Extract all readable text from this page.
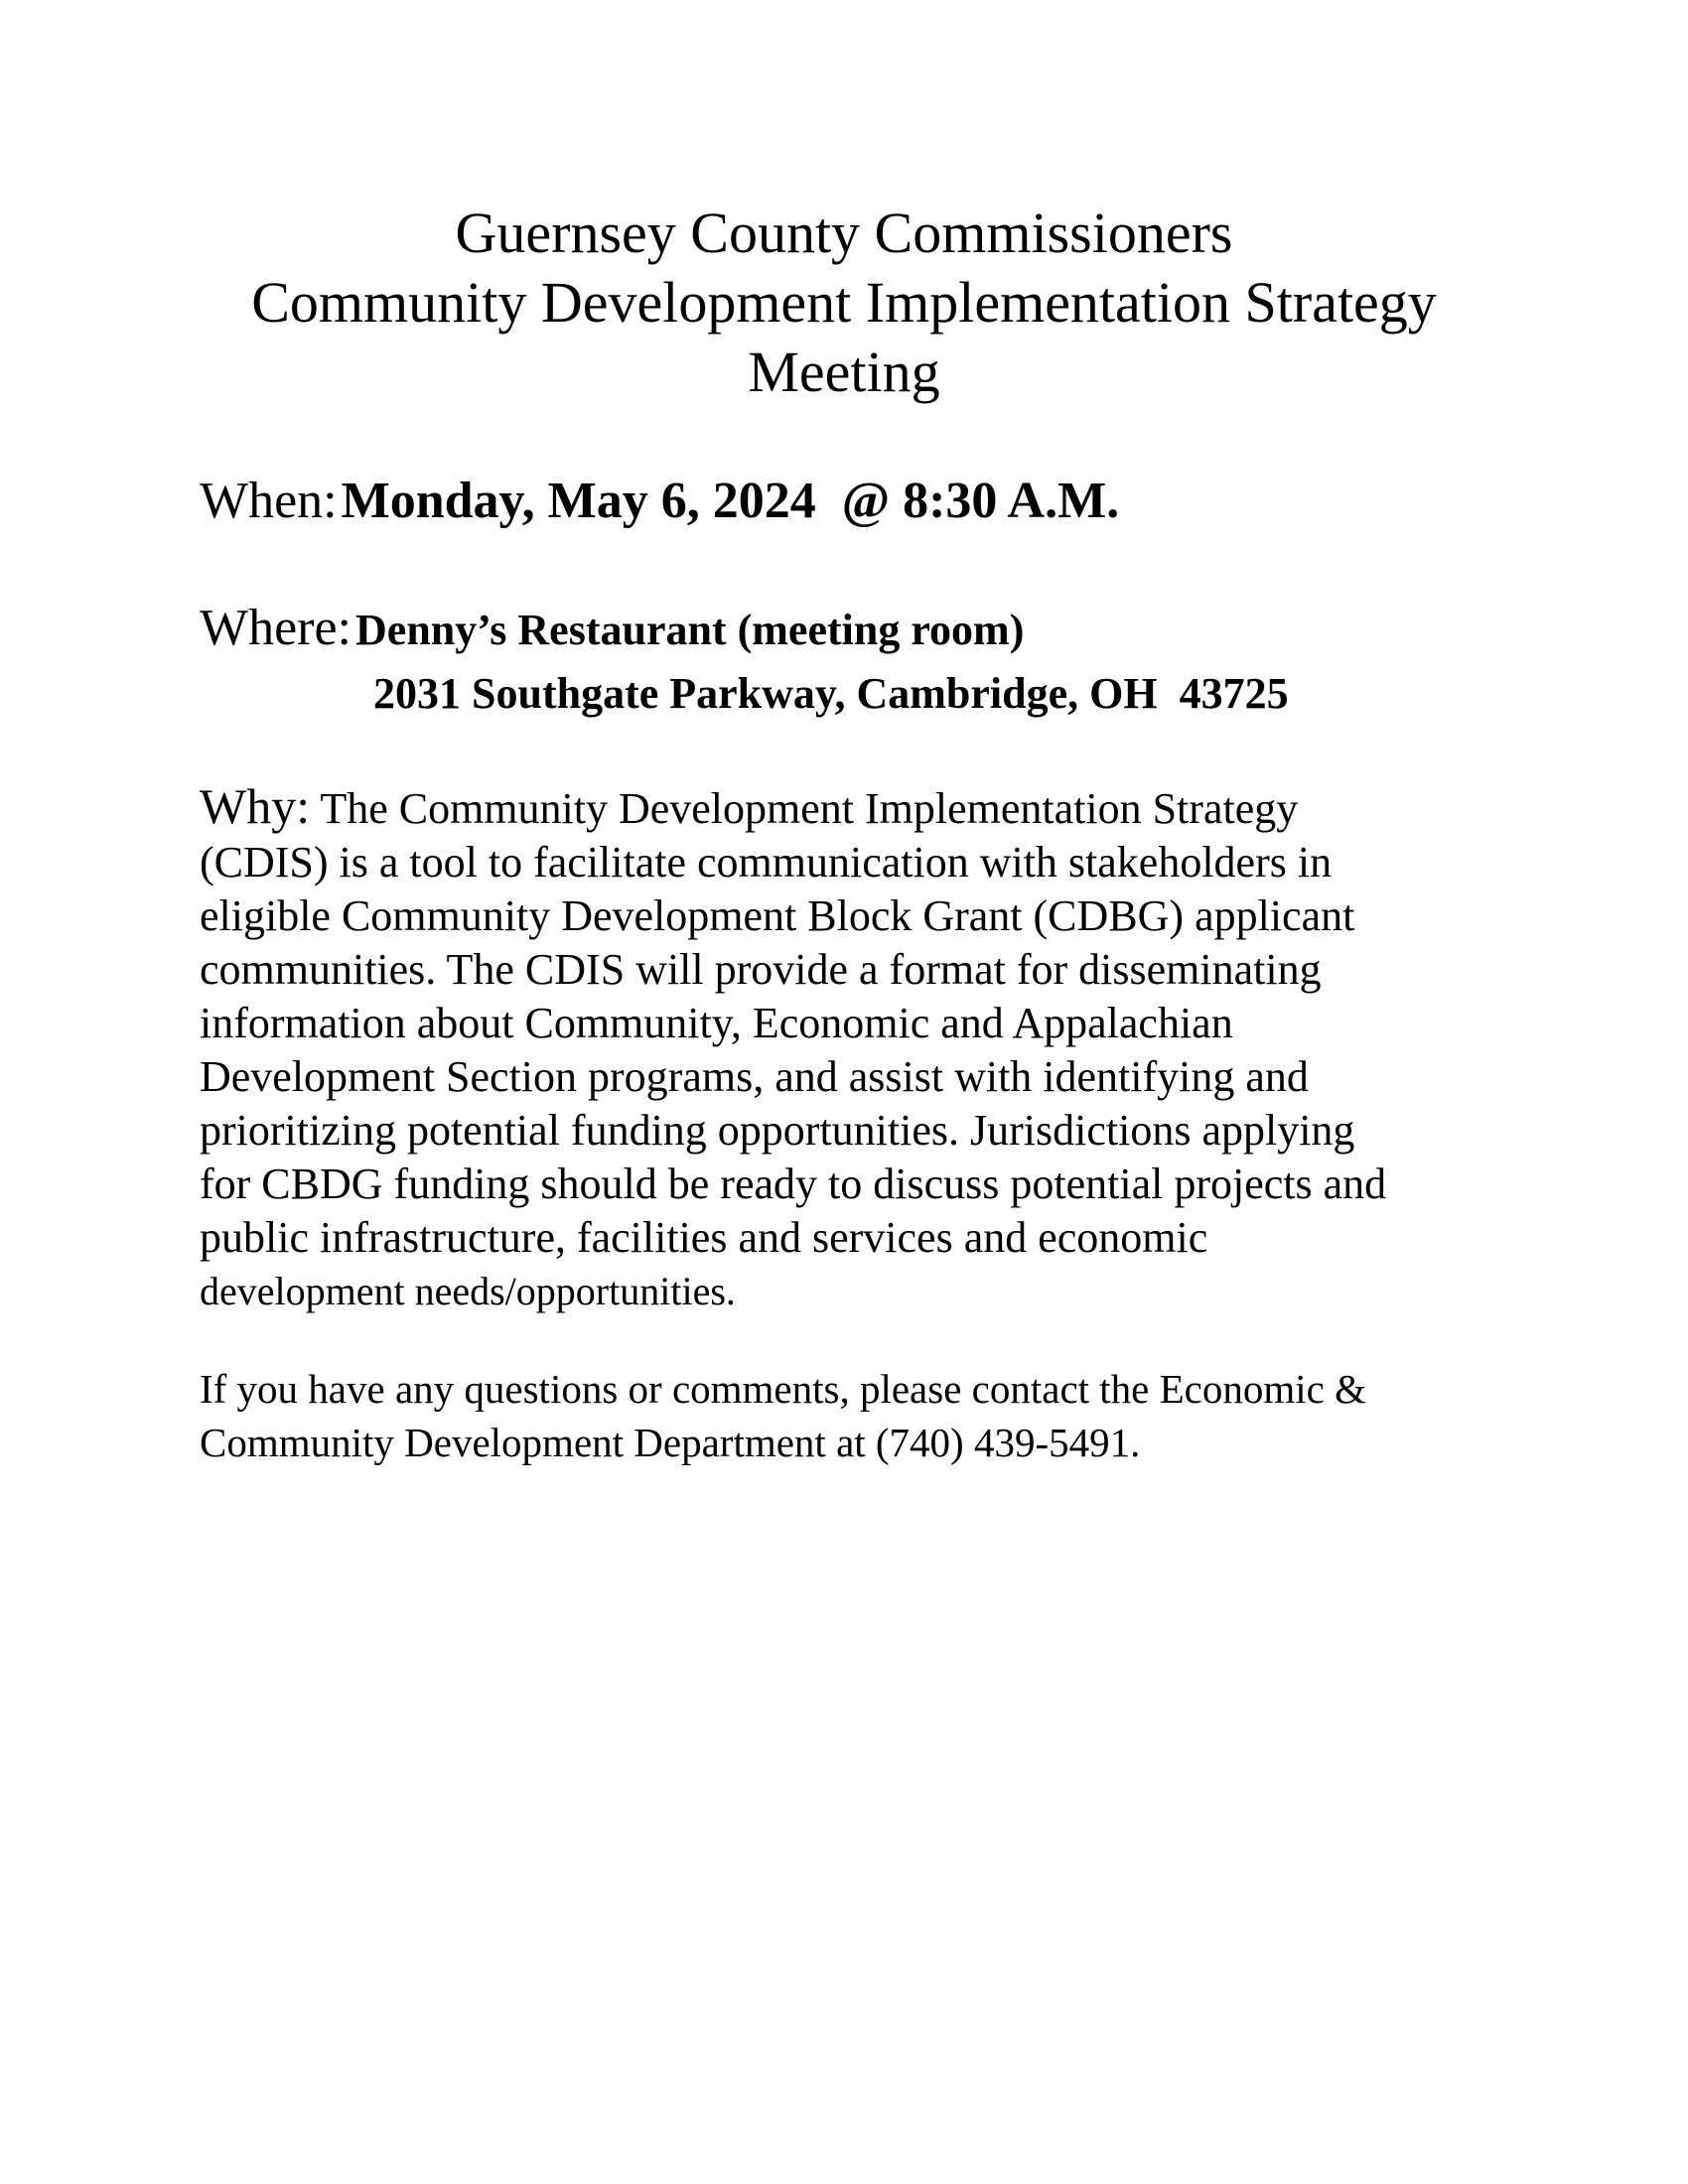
Guernsey County Commissioners
Community Development Implementation Strategy
Meeting
When: Monday, May 6, 2024  @ 8:30 A.M.
Where: Denny’s Restaurant (meeting room)
2031 Southgate Parkway, Cambridge, OH  43725

Why: The Community Development Implementation Strategy
(CDIS) is a tool to facilitate communication with stakeholders in
eligible Community Development Block Grant (CDBG) applicant
communities. The CDIS will provide a format for disseminating
information about Community, Economic and Appalachian
Development Section programs, and assist with identifying and
prioritizing potential funding opportunities. Jurisdictions applying
for CBDG funding should be ready to discuss potential projects and
public infrastructure, facilities and services and economic
development needs/opportunities.

If you have any questions or comments, please contact the Economic &
Community Development Department at (740) 439-5491.
